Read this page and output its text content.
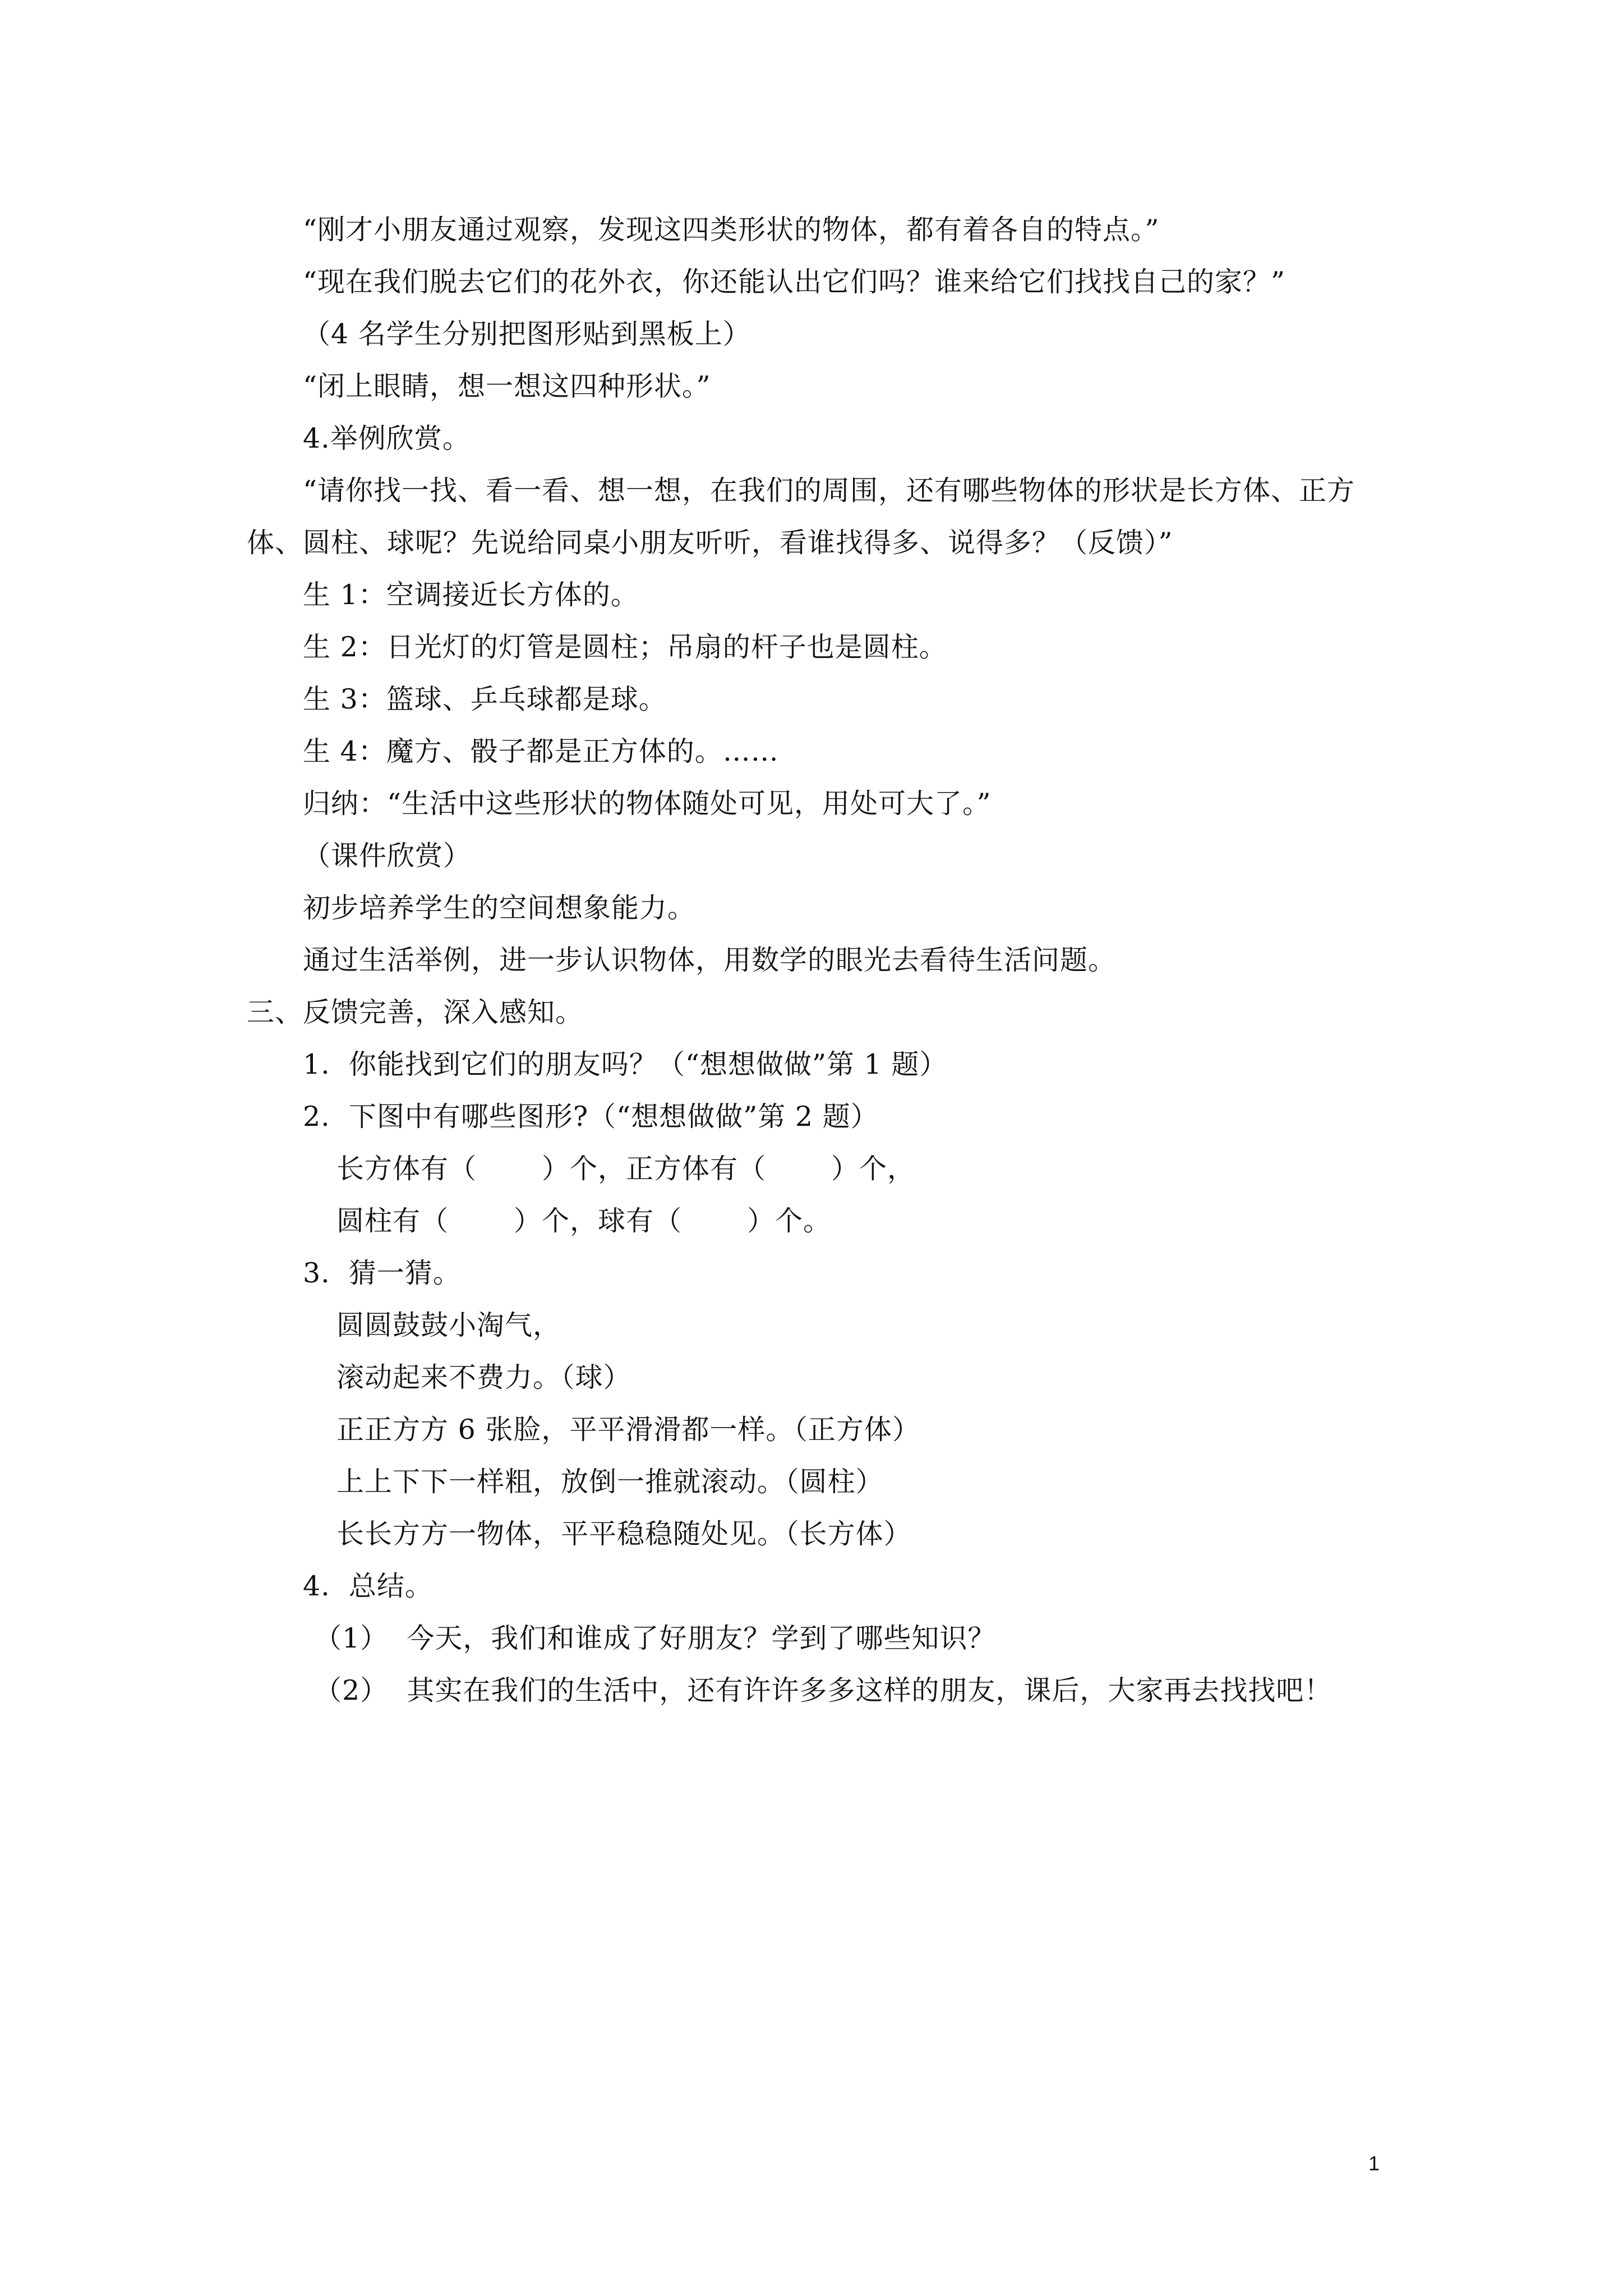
“刚才小朋友通过观察，发现这四类形状的物体，都有着各自的特点。”
“现在我们脱去它们的花外衣，你还能认出它们吗？谁来给它们找找自己的家？”
（4 名学生分别把图形贴到黑板上）
“闭上眼睛，想一想这四种形状。”
4.举例欣赏。
“请你找一找、看一看、想一想，在我们的周围，还有哪些物体的形状是长方体、正方
体、圆柱、球呢？先说给同桌小朋友听听，看谁找得多、说得多？（反馈）”
生 1：空调接近长方体的。
生 2：日光灯的灯管是圆柱；吊扇的杆子也是圆柱。
生 3：篮球、乒乓球都是球。
生 4：魔方、骰子都是正方体的。……
归纳：“生活中这些形状的物体随处可见，用处可大了。”
（课件欣赏）
初步培养学生的空间想象能力。
通过生活举例，进一步认识物体，用数学的眼光去看待生活问题。
三、反馈完善，深入感知。
1.  你能找到它们的朋友吗？（“想想做做”第 1 题）
2.  下图中有哪些图形?（“想想做做”第 2 题）
长方体有（       ）个，正方体有（       ）个，
圆柱有（       ）个，球有（       ）个。
3.  猜一猜。
圆圆鼓鼓小淘气，
滚动起来不费力。（球）
正正方方 6 张脸，平平滑滑都一样。（正方体）
上上下下一样粗，放倒一推就滚动。（圆柱）
长长方方一物体，平平稳稳随处见。（长方体）
4.  总结。
（1）  今天，我们和谁成了好朋友？学到了哪些知识？
（2）  其实在我们的生活中，还有许许多多这样的朋友，课后，大家再去找找吧！
1
